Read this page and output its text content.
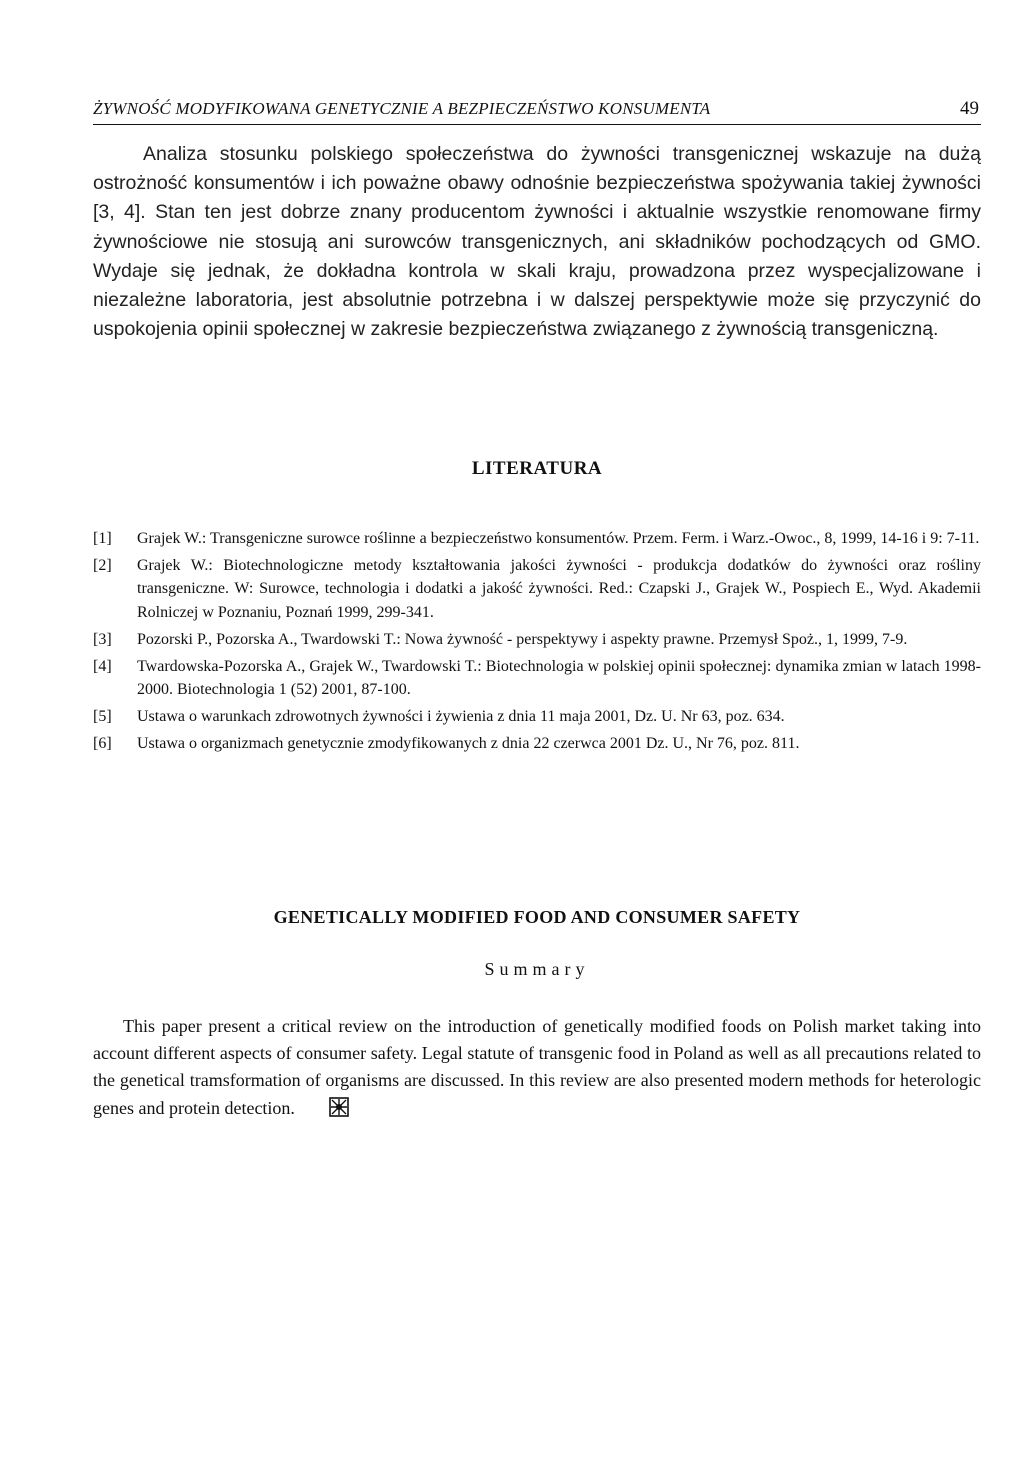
ŻYWNOŚĆ MODYFIKOWANA GENETYCZNIE A BEZPIECZEŃSTWO KONSUMENTA	49

Analiza stosunku polskiego społeczeństwa do żywności transgenicznej wskazuje na dużą ostrożność konsumentów i ich poważne obawy odnośnie bezpieczeństwa spożywania takiej żywności [3, 4]. Stan ten jest dobrze znany producentom żywności i aktualnie wszystkie renomowane firmy żywnościowe nie stosują ani surowców transgenicznych, ani składników pochodzących od GMO. Wydaje się jednak, że dokładna kontrola w skali kraju, prowadzona przez wyspecjalizowane i niezależne laboratoria, jest absolutnie potrzebna i w dalszej perspektywie może się przyczynić do uspokojenia opinii społecznej w zakresie bezpieczeństwa związanego z żywnością transgeniczną.

LITERATURA
[1]	Grajek W.: Transgeniczne surowce roślinne a bezpieczeństwo konsumentów. Przem. Ferm. i Warz.-Owoc., 8, 1999, 14-16 i 9: 7-11.
[2]	Grajek W.: Biotechnologiczne metody kształtowania jakości żywności - produkcja dodatków do żywności oraz rośliny transgeniczne. W: Surowce, technologia i dodatki a jakość żywności. Red.: Czapski J., Grajek W., Pospiech E., Wyd. Akademii Rolniczej w Poznaniu, Poznań 1999, 299-341.
[3]	Pozorski P., Pozorska A., Twardowski T.: Nowa żywność - perspektywy i aspekty prawne. Przemysł Spoż., 1, 1999, 7-9.
[4]	Twardowska-Pozorska A., Grajek W., Twardowski T.: Biotechnologia w polskiej opinii społecznej: dynamika zmian w latach 1998-2000. Biotechnologia 1 (52) 2001, 87-100.
[5]	Ustawa o warunkach zdrowotnych żywności i żywienia z dnia 11 maja 2001, Dz. U. Nr 63, poz. 634.
[6]	Ustawa o organizmach genetycznie zmodyfikowanych z dnia 22 czerwca 2001 Dz. U., Nr 76, poz. 811.
GENETICALLY MODIFIED FOOD AND CONSUMER SAFETY
Summary

This paper present a critical review on the introduction of genetically modified foods on Polish market taking into account different aspects of consumer safety. Legal statute of transgenic food in Poland as well as all precautions related to the genetical tramsformation of organisms are discussed. In this review are also presented modern methods for heterologic genes and protein detection.
